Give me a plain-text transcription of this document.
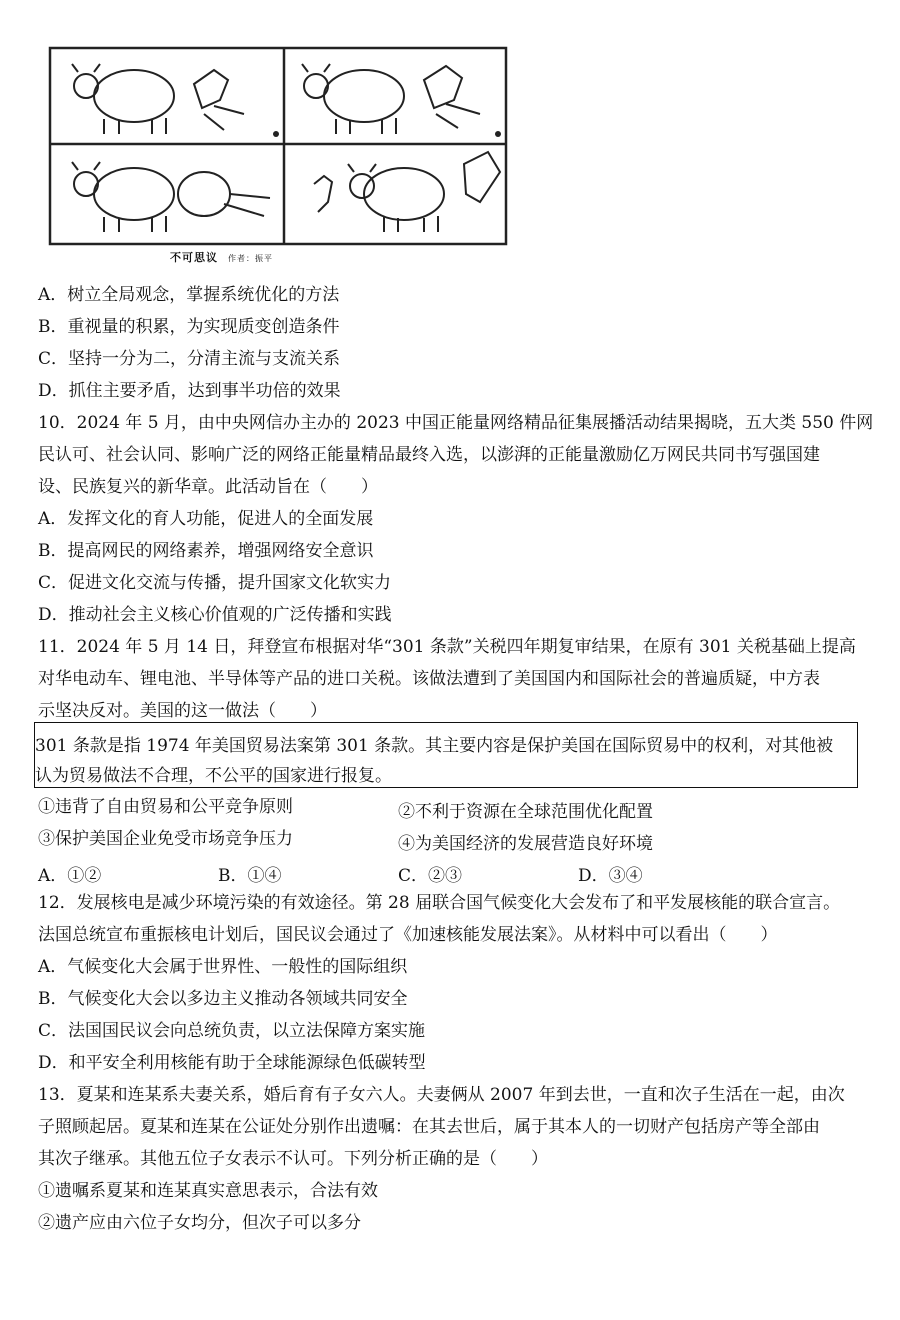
不可思议 作者：振平
A．树立全局观念，掌握系统优化的方法
B．重视量的积累，为实现质变创造条件
C．坚持一分为二，分清主流与支流关系
D．抓住主要矛盾，达到事半功倍的效果
10．2024 年 5 月，由中央网信办主办的 2023 中国正能量网络精品征集展播活动结果揭晓，五大类 550 件网
民认可、社会认同、影响广泛的网络正能量精品最终入选，以澎湃的正能量激励亿万网民共同书写强国建
设、民族复兴的新华章。此活动旨在（　　）
A．发挥文化的育人功能，促进人的全面发展
B．提高网民的网络素养，增强网络安全意识
C．促进文化交流与传播，提升国家文化软实力
D．推动社会主义核心价值观的广泛传播和实践
11．2024 年 5 月 14 日，拜登宣布根据对华“301 条款”关税四年期复审结果，在原有 301 关税基础上提高
对华电动车、锂电池、半导体等产品的进口关税。该做法遭到了美国国内和国际社会的普遍质疑，中方表
示坚决反对。美国的这一做法（　　）
301 条款是指 1974 年美国贸易法案第 301 条款。其主要内容是保护美国在国际贸易中的权利，对其他被
认为贸易做法不合理，不公平的国家进行报复。
①违背了自由贸易和公平竞争原则	②不利于资源在全球范围优化配置
③保护美国企业免受市场竞争压力	④为美国经济的发展营造良好环境
A．①②	B．①④	C．②③	D．③④
12．发展核电是减少环境污染的有效途径。第 28 届联合国气候变化大会发布了和平发展核能的联合宣言。
法国总统宣布重振核电计划后，国民议会通过了《加速核能发展法案》。从材料中可以看出（　　）
A．气候变化大会属于世界性、一般性的国际组织
B．气候变化大会以多边主义推动各领域共同安全
C．法国国民议会向总统负责，以立法保障方案实施
D．和平安全利用核能有助于全球能源绿色低碳转型
13．夏某和连某系夫妻关系，婚后育有子女六人。夫妻俩从 2007 年到去世，一直和次子生活在一起，由次
子照顾起居。夏某和连某在公证处分别作出遗嘱：在其去世后，属于其本人的一切财产包括房产等全部由
其次子继承。其他五位子女表示不认可。下列分析正确的是（　　）
①遗嘱系夏某和连某真实意思表示，合法有效
②遗产应由六位子女均分，但次子可以多分
